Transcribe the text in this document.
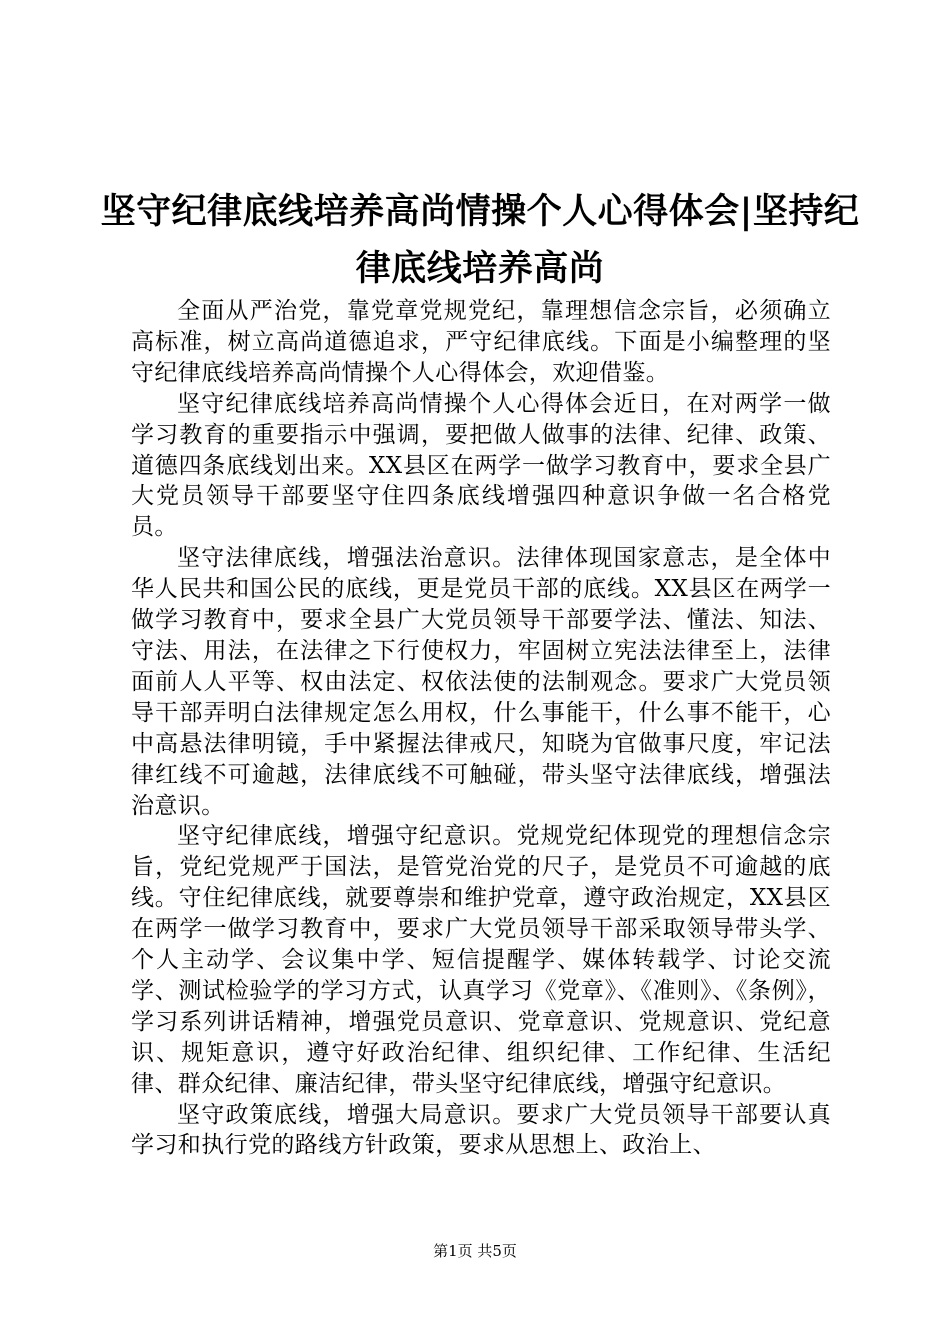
坚守纪律底线培养高尚情操个人心得体会|坚持纪律底线培养高尚

全面从严治党，靠党章党规党纪，靠理想信念宗旨，必须确立高标准，树立高尚道德追求，严守纪律底线。下面是小编整理的坚守纪律底线培养高尚情操个人心得体会，欢迎借鉴。

坚守纪律底线培养高尚情操个人心得体会近日，在对两学一做学习教育的重要指示中强调，要把做人做事的法律、纪律、政策、道德四条底线划出来。XX县区在两学一做学习教育中，要求全县广大党员领导干部要坚守住四条底线增强四种意识争做一名合格党员。

坚守法律底线，增强法治意识。法律体现国家意志，是全体中华人民共和国公民的底线，更是党员干部的底线。XX县区在两学一做学习教育中，要求全县广大党员领导干部要学法、懂法、知法、守法、用法，在法律之下行使权力，牢固树立宪法法律至上，法律面前人人平等、权由法定、权依法使的法制观念。要求广大党员领导干部弄明白法律规定怎么用权，什么事能干，什么事不能干，心中高悬法律明镜，手中紧握法律戒尺，知晓为官做事尺度，牢记法律红线不可逾越，法律底线不可触碰，带头坚守法律底线，增强法治意识。

坚守纪律底线，增强守纪意识。党规党纪体现党的理想信念宗旨，党纪党规严于国法，是管党治党的尺子，是党员不可逾越的底线。守住纪律底线，就要尊崇和维护党章，遵守政治规定，XX县区在两学一做学习教育中，要求广大党员领导干部采取领导带头学、个人主动学、会议集中学、短信提醒学、媒体转载学、讨论交流学、测试检验学的学习方式，认真学习《党章》、《准则》、《条例》，学习系列讲话精神，增强党员意识、党章意识、党规意识、党纪意识、规矩意识，遵守好政治纪律、组织纪律、工作纪律、生活纪律、群众纪律、廉洁纪律，带头坚守纪律底线，增强守纪意识。

坚守政策底线，增强大局意识。要求广大党员领导干部要认真学习和执行党的路线方针政策，要求从思想上、政治上、

第1页 共5页
